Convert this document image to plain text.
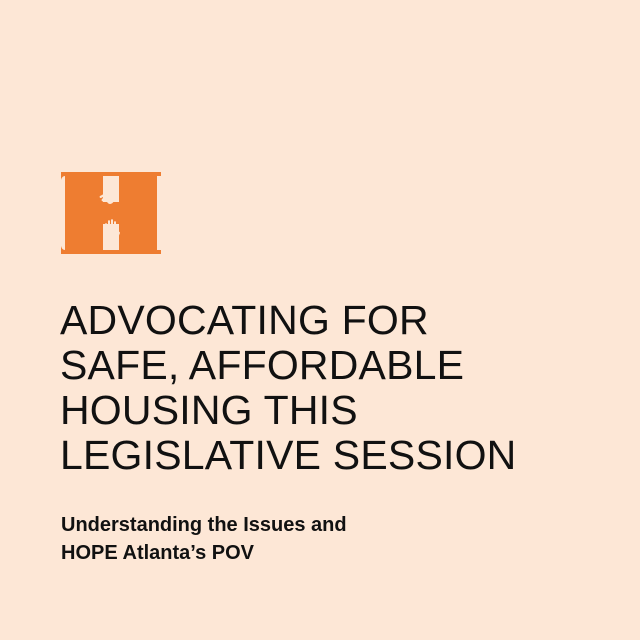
ADVOCATING FOR
SAFE, AFFORDABLE
HOUSING THIS
LEGISLATIVE SESSION

Understanding the Issues and
HOPE Atlanta’s POV
